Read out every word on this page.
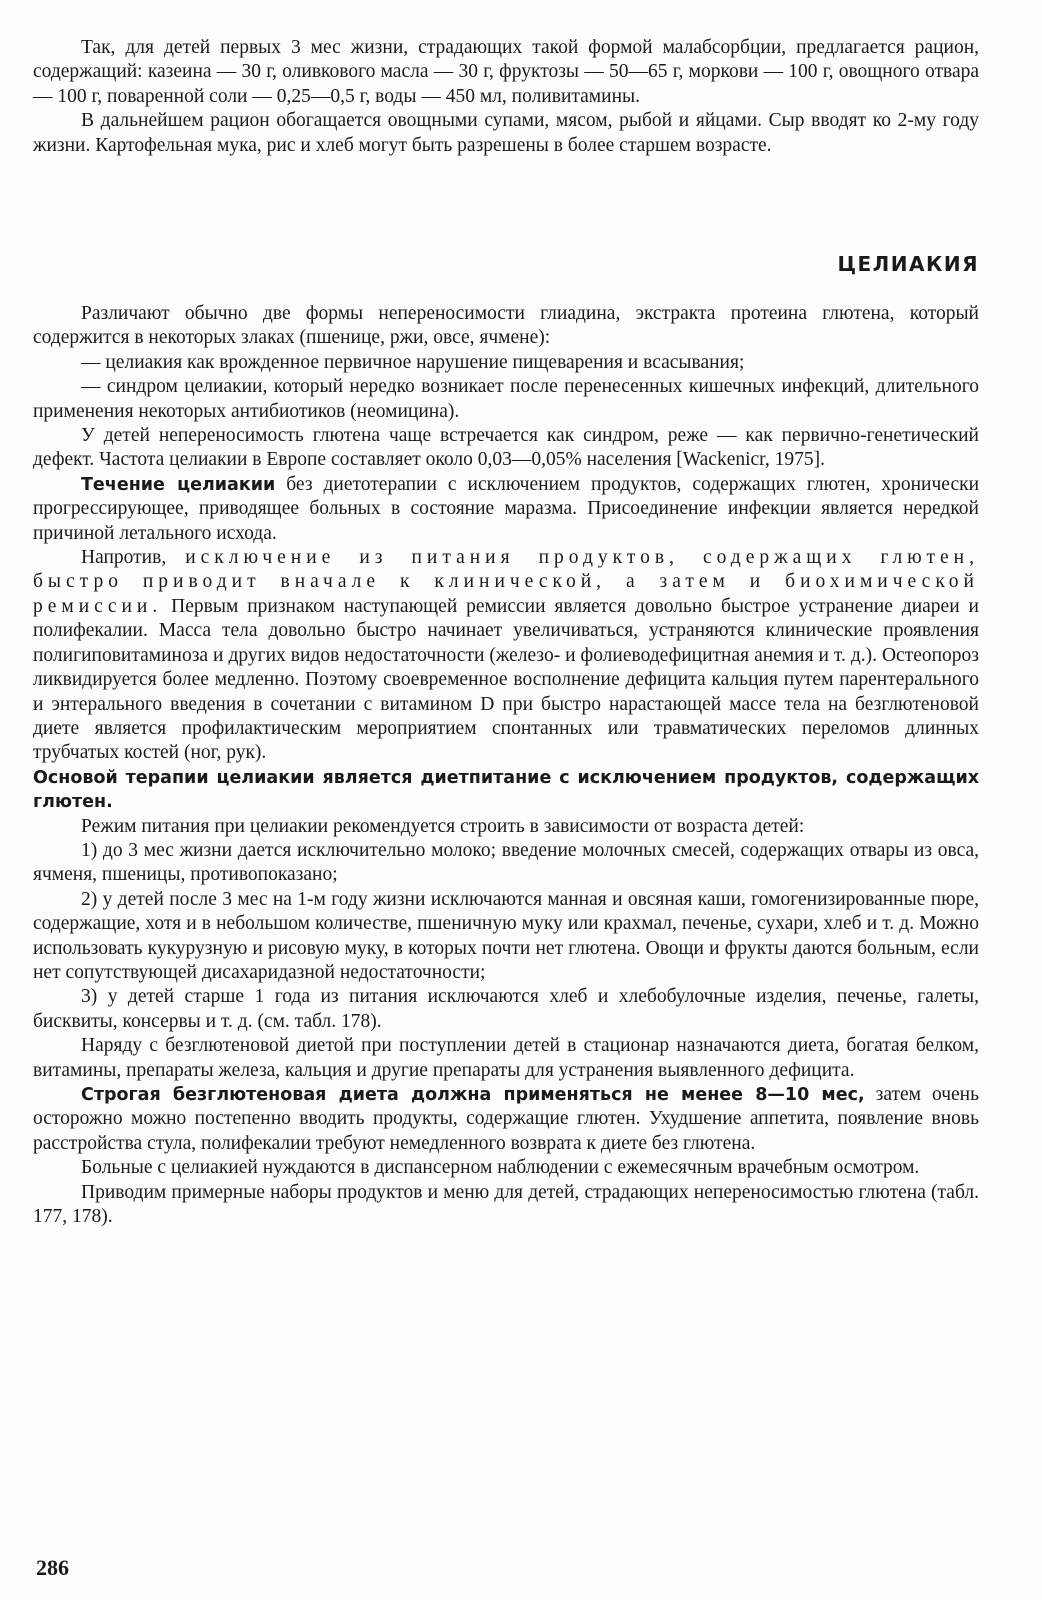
Так, для детей первых 3 мес жизни, страдающих такой формой малабсорбции, предлагается рацион, содержащий: казеина — 30 г, оливкового масла — 30 г, фруктозы — 50—65 г, моркови — 100 г, овощного отвара — 100 г, поваренной соли — 0,25—0,5 г, воды — 450 мл, поливитамины.

В дальнейшем рацион обогащается овощными супами, мясом, рыбой и яйцами. Сыр вводят ко 2-му году жизни. Картофельная мука, рис и хлеб могут быть разрешены в более старшем возрасте.

ЦЕЛИАКИЯ

Различают обычно две формы непереносимости глиадина, экстракта протеина глютена, который содержится в некоторых злаках (пшенице, ржи, овсе, ячмене):

— целиакия как врожденное первичное нарушение пищеварения и всасывания;

— синдром целиакии, который нередко возникает после перенесенных кишечных инфекций, длительного применения некоторых антибиотиков (неомицина).

У детей непереносимость глютена чаще встречается как синдром, реже — как первично-генетический дефект. Частота целиакии в Европе составляет около 0,03—0,05% населения [Wackenicr, 1975].

Течение целиакии без диетотерапии с исключением продуктов, содержащих глютен, хронически прогрессирующее, приводящее больных в состояние маразма. Присоединение инфекции является нередкой причиной летального исхода.

Напротив, исключение из питания продуктов, содержащих глютен, быстро приводит вначале к клинической, а затем и биохимической ремиссии. Первым признаком наступающей ремиссии является довольно быстрое устранение диареи и полифекалии. Масса тела довольно быстро начинает увеличиваться, устраняются клинические проявления полигиповитаминоза и других видов недостаточности (железо- и фолиеводефицитная анемия и т. д.). Остеопороз ликвидируется более медленно. Поэтому своевременное восполнение дефицита кальция путем парентерального и энтерального введения в сочетании с витамином D при быстро нарастающей массе тела на безглютеновой диете является профилактическим мероприятием спонтанных или травматических переломов длинных трубчатых костей (ног, рук).

Основой терапии целиакии является диетпитание с исключением продуктов, содержащих глютен.

Режим питания при целиакии рекомендуется строить в зависимости от возраста детей:

1) до 3 мес жизни дается исключительно молоко; введение молочных смесей, содержащих отвары из овса, ячменя, пшеницы, противопоказано;

2) у детей после 3 мес на 1-м году жизни исключаются манная и овсяная каши, гомогенизированные пюре, содержащие, хотя и в небольшом количестве, пшеничную муку или крахмал, печенье, сухари, хлеб и т. д. Можно использовать кукурузную и рисовую муку, в которых почти нет глютена. Овощи и фрукты даются больным, если нет сопутствующей дисахаридазной недостаточности;

3) у детей старше 1 года из питания исключаются хлеб и хлебобулочные изделия, печенье, галеты, бисквиты, консервы и т. д. (см. табл. 178).

Наряду с безглютеновой диетой при поступлении детей в стационар назначаются диета, богатая белком, витамины, препараты железа, кальция и другие препараты для устранения выявленного дефицита.

Строгая безглютеновая диета должна применяться не менее 8—10 мес, затем очень осторожно можно постепенно вводить продукты, содержащие глютен. Ухудшение аппетита, появление вновь расстройства стула, полифекалии требуют немедленного возврата к диете без глютена.

Больные с целиакией нуждаются в диспансерном наблюдении с ежемесячным врачебным осмотром.

Приводим примерные наборы продуктов и меню для детей, страдающих непереносимостью глютена (табл. 177, 178).

286
